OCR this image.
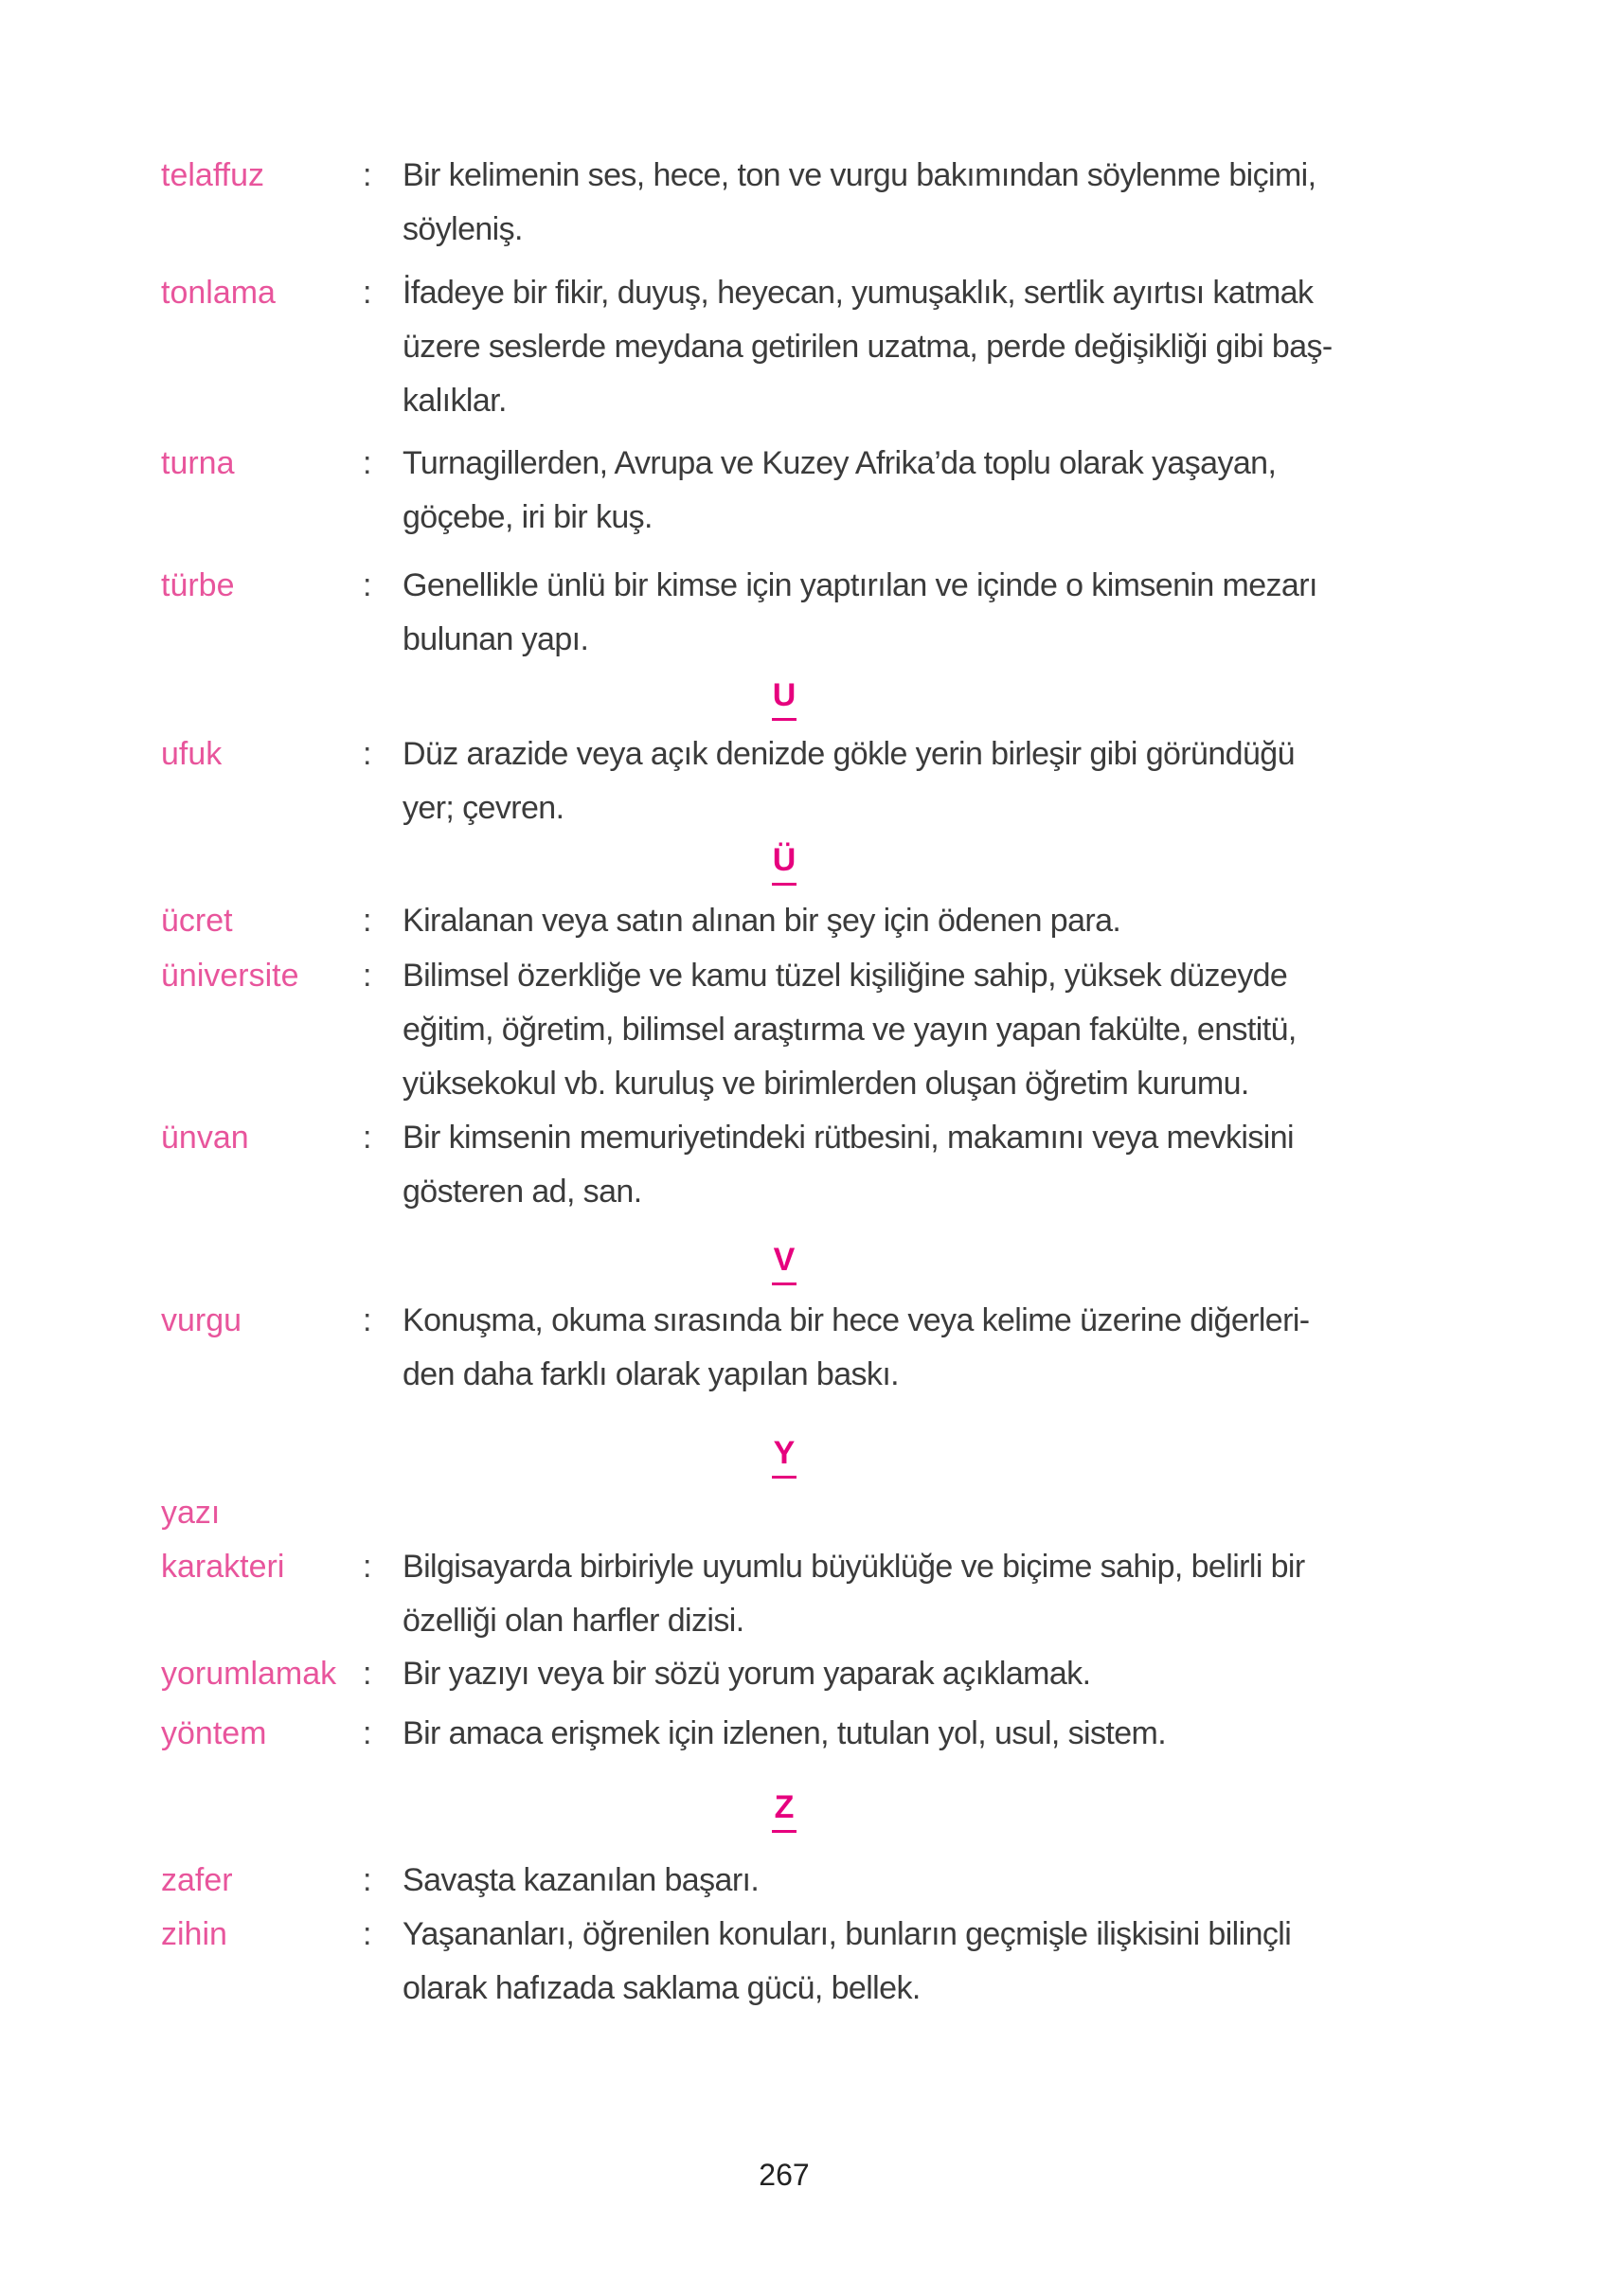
U
Ü
V
Y
Z
telaffuz	: Bir kelimenin ses, hece, ton ve vurgu bakımından söylenme biçimi,
söyleniş.
tonlama	: İfadeye bir fikir, duyuş, heyecan, yumuşaklık, sertlik ayırtısı katmak
üzere seslerde meydana getirilen uzatma, perde değişikliği gibi baş-
kalıklar.
turna	: Turnagillerden, Avrupa ve Kuzey Afrika’da toplu olarak yaşayan,
göçebe, iri bir kuş.
türbe	: Genellikle ünlü bir kimse için yaptırılan ve içinde o kimsenin mezarı
bulunan yapı.
ufuk	: Düz arazide veya açık denizde gökle yerin birleşir gibi göründüğü
yer; çevren.
ücret	: Kiralanan veya satın alınan bir şey için ödenen para.
üniversite : Bilimsel özerkliğe ve kamu tüzel kişiliğine sahip, yüksek düzeyde
eğitim, öğretim, bilimsel araştırma ve yayın yapan fakülte, enstitü,
yüksekokul vb. kuruluş ve birimlerden oluşan öğretim kurumu.
ünvan	: Bir kimsenin memuriyetindeki rütbesini, makamını veya mevkisini
gösteren ad, san.
vurgu	: Konuşma, okuma sırasında bir hece veya kelime üzerine diğerleri-
den daha farklı olarak yapılan baskı.
yazı
karakteri : Bilgisayarda birbiriyle uyumlu büyüklüğe ve biçime sahip, belirli bir
özelliği olan harfler dizisi.
yorumlamak : Bir yazıyı veya bir sözü yorum yaparak açıklamak.
yöntem	: Bir amaca erişmek için izlenen, tutulan yol, usul, sistem.
zafer	: Savaşta kazanılan başarı.
zihin	: Yaşananları, öğrenilen konuları, bunların geçmişle ilişkisini bilinçli
olarak hafızada saklama gücü, bellek.
267
